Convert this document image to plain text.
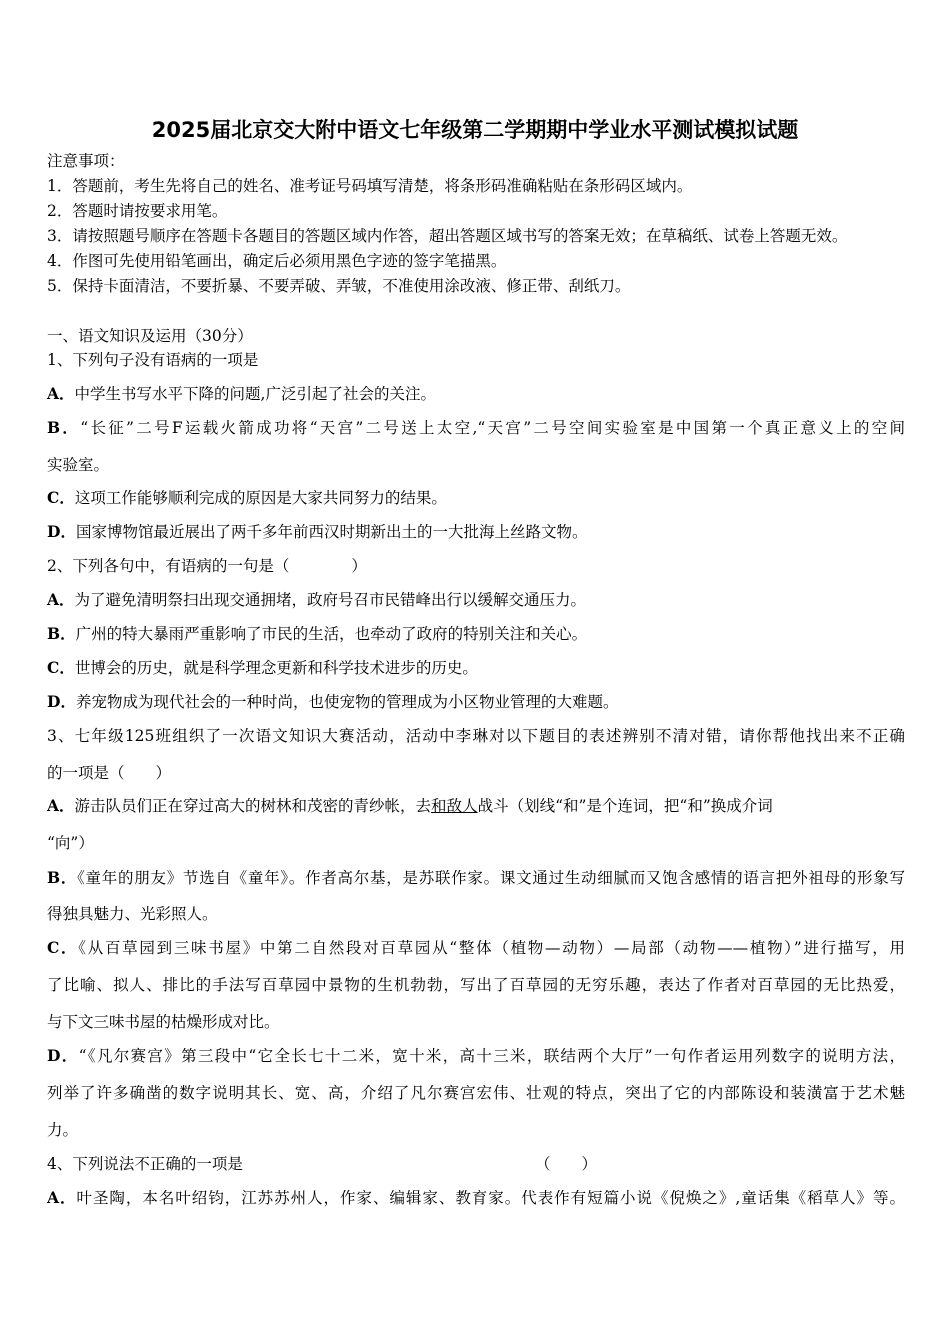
2025届北京交大附中语文七年级第二学期期中学业水平测试模拟试题
注意事项：
1．答题前，考生先将自己的姓名、准考证号码填写清楚，将条形码准确粘贴在条形码区域内。
2．答题时请按要求用笔。
3．请按照题号顺序在答题卡各题目的答题区域内作答，超出答题区域书写的答案无效；在草稿纸、试卷上答题无效。
4．作图可先使用铅笔画出，确定后必须用黑色字迹的签字笔描黑。
5．保持卡面清洁，不要折暴、不要弄破、弄皱，不准使用涂改液、修正带、刮纸刀。
一、语文知识及运用（30分）
1、下列句子没有语病的一项是
A．中学生书写水平下降的问题,广泛引起了社会的关注。
B．“长征”二号F运载火箭成功将“天宫”二号送上太空,“天宫”二号空间实验室是中国第一个真正意义上的空间
实验室。
C．这项工作能够顺利完成的原因是大家共同努力的结果。
D．国家博物馆最近展出了两千多年前西汉时期新出土的一大批海上丝路文物。
2、下列各句中，有语病的一句是（　　　　）
A．为了避免清明祭扫出现交通拥堵，政府号召市民错峰出行以缓解交通压力。
B．广州的特大暴雨严重影响了市民的生活，也牵动了政府的特别关注和关心。
C．世博会的历史，就是科学理念更新和科学技术进步的历史。
D．养宠物成为现代社会的一种时尚，也使宠物的管理成为小区物业管理的大难题。
3、七年级125班组织了一次语文知识大赛活动，活动中李琳对以下题目的表述辨别不清对错，请你帮他找出来不正确
的一项是（　　）
A．游击队员们正在穿过高大的树林和茂密的青纱帐，去和敌人战斗（划线“和”是个连词，把“和”换成介词
“向”）
B．《童年的朋友》节选自《童年》。作者高尔基，是苏联作家。课文通过生动细腻而又饱含感情的语言把外祖母的形象写
得独具魅力、光彩照人。
C．《从百草园到三味书屋》中第二自然段对百草园从“整体（植物—动物）—局部（动物——植物）”进行描写，用
了比喻、拟人、排比的手法写百草园中景物的生机勃勃，写出了百草园的无穷乐趣，表达了作者对百草园的无比热爱，
与下文三味书屋的枯燥形成对比。
D．“《凡尔赛宫》第三段中“它全长七十二米，宽十米，高十三米，联结两个大厅”一句作者运用列数字的说明方法，
列举了许多确凿的数字说明其长、宽、高，介绍了凡尔赛宫宏伟、壮观的特点，突出了它的内部陈设和装潢富于艺术魅
力。
4、下列说法不正确的一项是	（　　）
A．叶圣陶，本名叶绍钧，江苏苏州人，作家、编辑家、教育家。代表作有短篇小说《倪焕之》,童话集《稻草人》等。
